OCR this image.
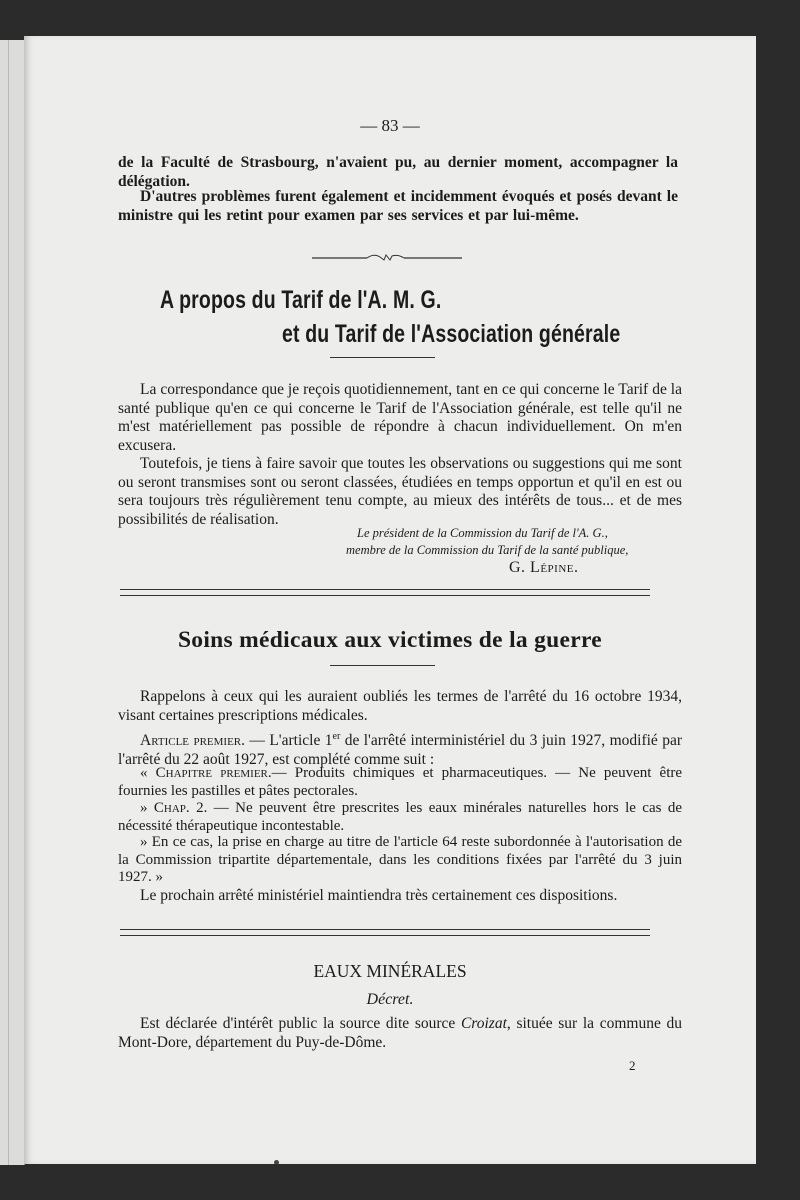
— 83 —
de la Faculté de Strasbourg, n'avaient pu, au dernier moment, accompagner la délégation.
D'autres problèmes furent également et incidemment évoqués et posés devant le ministre qui les retint pour examen par ses services et par lui-même.
A propos du Tarif de l'A. M. G.
et du Tarif de l'Association générale
La correspondance que je reçois quotidiennement, tant en ce qui concerne le Tarif de la santé publique qu'en ce qui concerne le Tarif de l'Association générale, est telle qu'il ne m'est matériellement pas possible de répondre à chacun individuellement. On m'en excusera.
Toutefois, je tiens à faire savoir que toutes les observations ou suggestions qui me sont ou seront transmises sont ou seront classées, étudiées en temps opportun et qu'il en est ou sera toujours très régulièrement tenu compte, au mieux des intérêts de tous... et de mes possibilités de réalisation.
Le président de la Commission du Tarif de l'A. G.,
membre de la Commission du Tarif de la santé publique,
G. Lépine.
Soins médicaux aux victimes de la guerre
Rappelons à ceux qui les auraient oubliés les termes de l'arrêté du 16 octobre 1934, visant certaines prescriptions médicales.
Article premier. — L'article 1er de l'arrêté interministériel du 3 juin 1927, modifié par l'arrêté du 22 août 1927, est complété comme suit :
« Chapitre premier.— Produits chimiques et pharmaceutiques. — Ne peuvent être fournies les pastilles et pâtes pectorales.
» Chap. 2. — Ne peuvent être prescrites les eaux minérales naturelles hors le cas de nécessité thérapeutique incontestable.
» En ce cas, la prise en charge au titre de l'article 64 reste subordonnée à l'autorisation de la Commission tripartite départementale, dans les conditions fixées par l'arrêté du 3 juin 1927. »
Le prochain arrêté ministériel maintiendra très certainement ces dispositions.
EAUX MINÉRALES
Décret.
Est déclarée d'intérêt public la source dite source Croizat, située sur la commune du Mont-Dore, département du Puy-de-Dôme.
2
